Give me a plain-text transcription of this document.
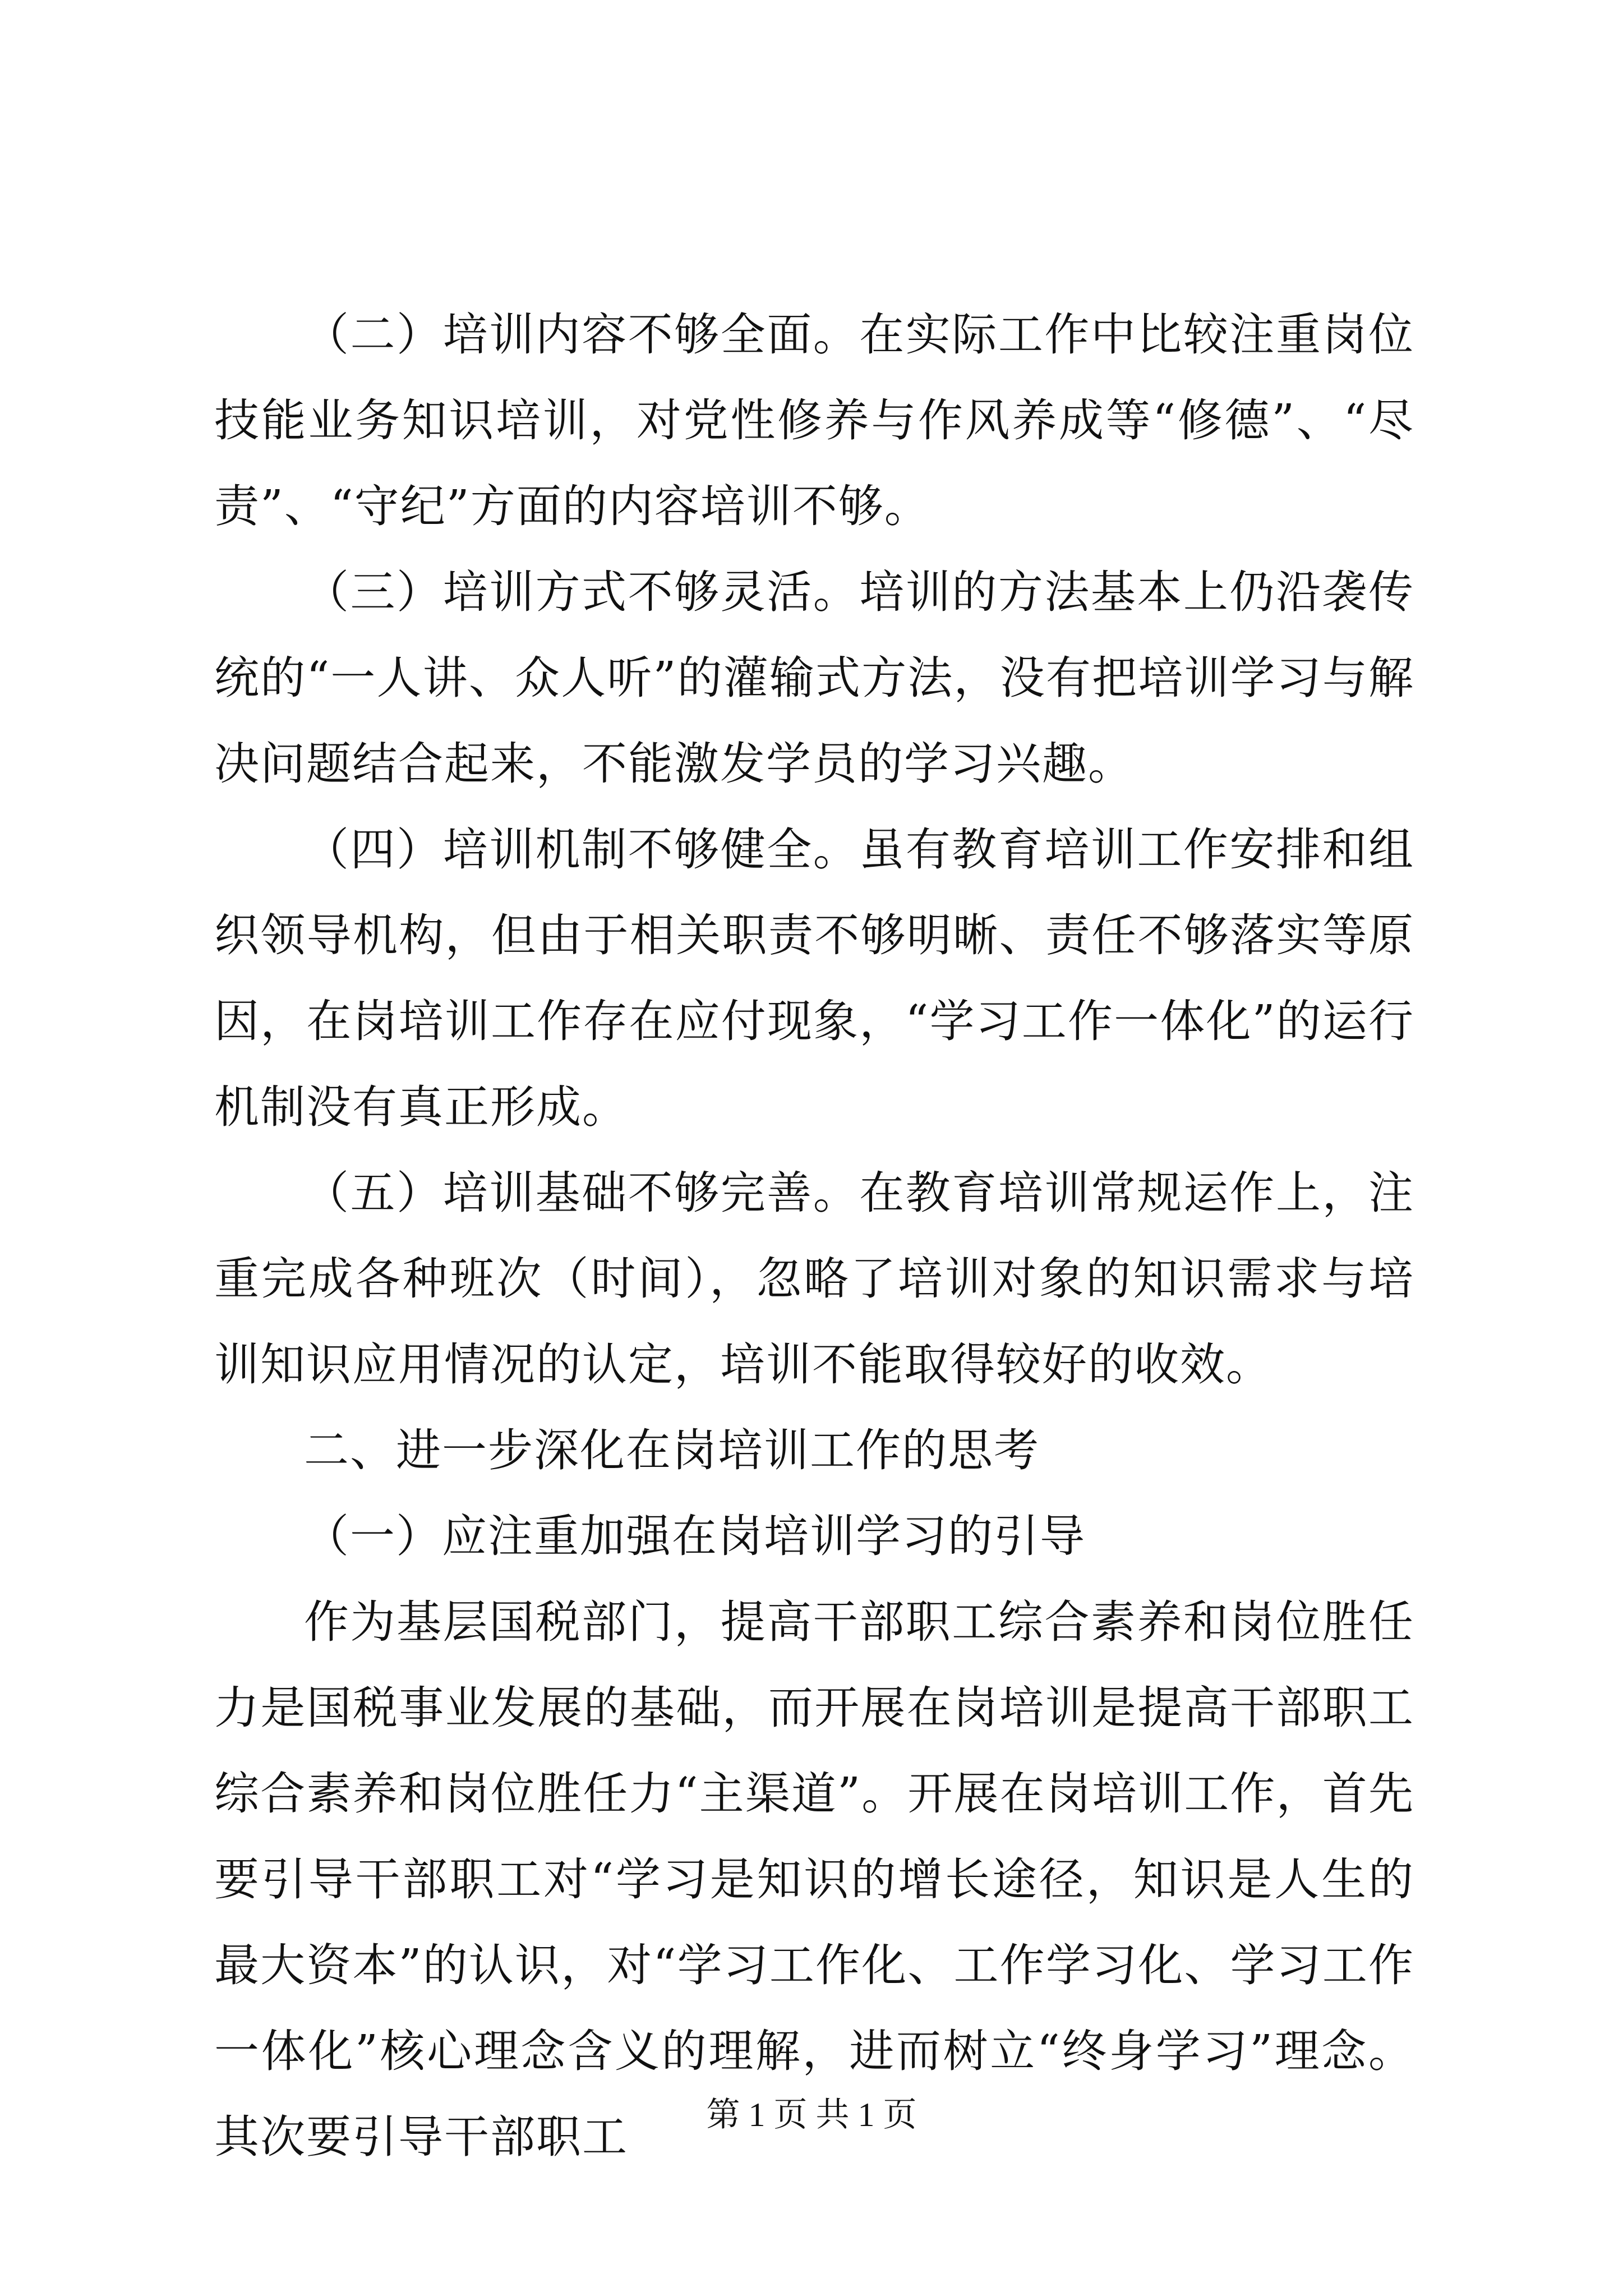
（二）培训内容不够全面。在实际工作中比较注重岗位技能业务知识培训，对党性修养与作风养成等“修德”、“尽责”、“守纪”方面的内容培训不够。

（三）培训方式不够灵活。培训的方法基本上仍沿袭传统的“一人讲、众人听”的灌输式方法，没有把培训学习与解决问题结合起来，不能激发学员的学习兴趣。

（四）培训机制不够健全。虽有教育培训工作安排和组织领导机构，但由于相关职责不够明晰、责任不够落实等原因，在岗培训工作存在应付现象，“学习工作一体化”的运行机制没有真正形成。

（五）培训基础不够完善。在教育培训常规运作上，注重完成各种班次（时间），忽略了培训对象的知识需求与培训知识应用情况的认定，培训不能取得较好的收效。

二、进一步深化在岗培训工作的思考

（一）应注重加强在岗培训学习的引导

作为基层国税部门，提高干部职工综合素养和岗位胜任力是国税事业发展的基础，而开展在岗培训是提高干部职工综合素养和岗位胜任力“主渠道”。开展在岗培训工作，首先要引导干部职工对“学习是知识的增长途径，知识是人生的最大资本”的认识，对“学习工作化、工作学习化、学习工作一体化”核心理念含义的理解，进而树立“终身学习”理念。其次要引导干部职工	第 1 页 共 1 页
